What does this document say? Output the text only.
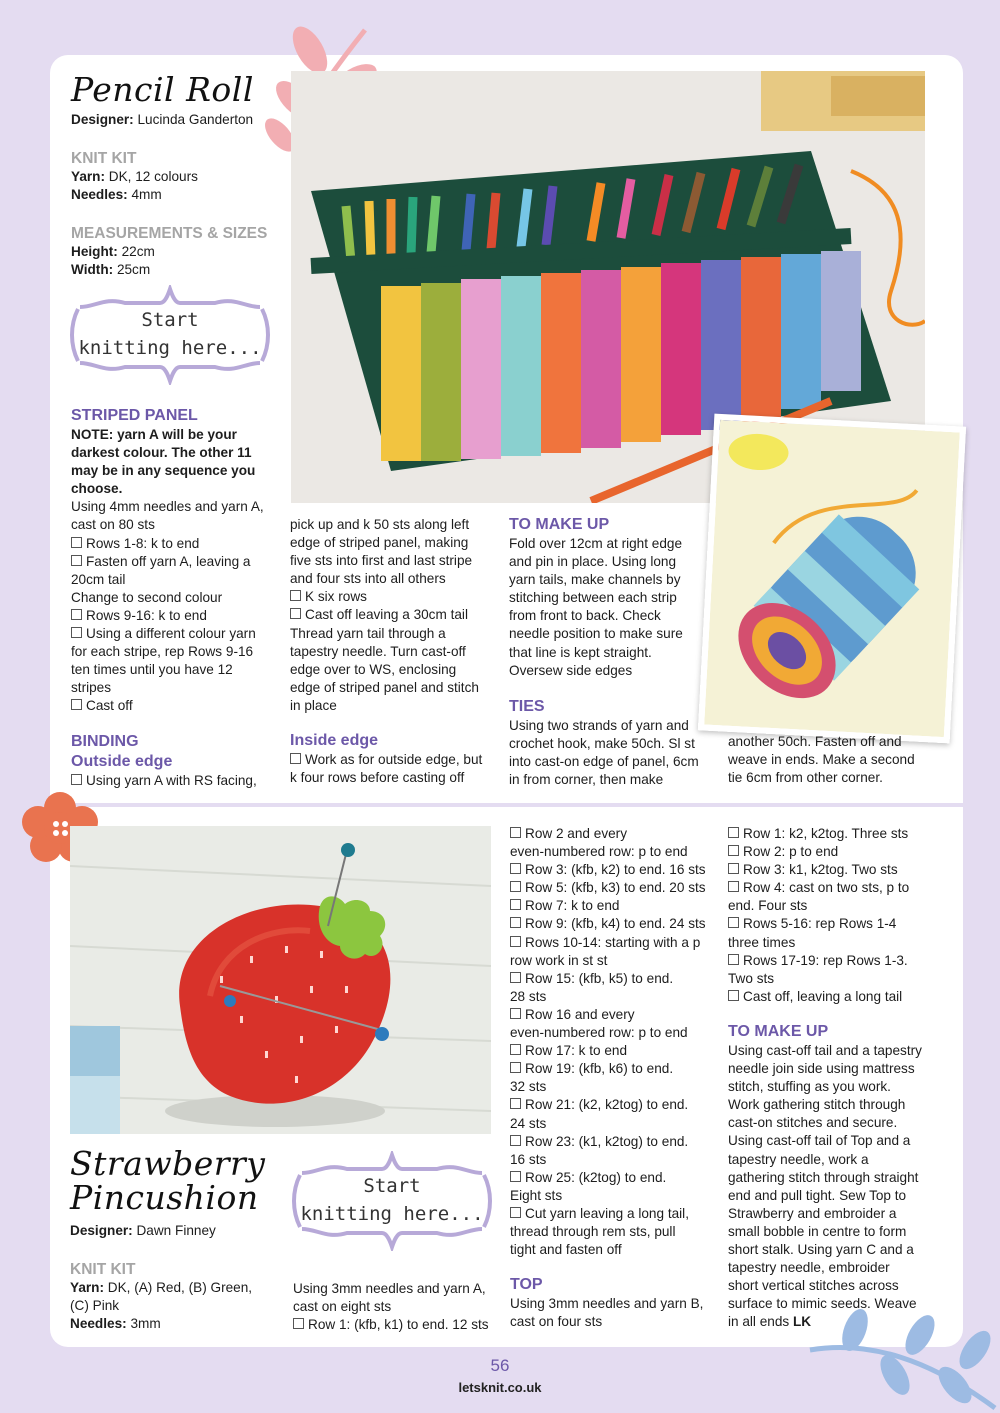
Pencil Roll
Designer: Lucinda Ganderton
KNIT KIT
Yarn: DK, 12 colours
Needles: 4mm
MEASUREMENTS & SIZES
Height: 22cm
Width: 25cm
Start
knitting here...
STRIPED PANEL
NOTE: yarn A will be your
darkest colour. The other 11
may be in any sequence you
choose.
Using 4mm needles and yarn A,
cast on 80 sts
Rows 1-8: k to end
Fasten off yarn A, leaving a
20cm tail
Change to second colour
Rows 9-16: k to end
Using a different colour yarn
for each stripe, rep Rows 9-16
ten times until you have 12
stripes
Cast off
BINDING
Outside edge
Using yarn A with RS facing,
pick up and k 50 sts along left
edge of striped panel, making
five sts into first and last stripe
and four sts into all others
K six rows
Cast off leaving a 30cm tail
Thread yarn tail through a
tapestry needle. Turn cast-off
edge over to WS, enclosing
edge of striped panel and stitch
in place
Inside edge
Work as for outside edge, but
k four rows before casting off
TO MAKE UP
Fold over 12cm at right edge
and pin in place. Using long
yarn tails, make channels by
stitching between each strip
from front to back. Check
needle position to make sure
that line is kept straight.
Oversew side edges
TIES
Using two strands of yarn and
crochet hook, make 50ch. Sl st
into cast-on edge of panel, 6cm
in from corner, then make
another 50ch. Fasten off and
weave in ends. Make a second
tie 6cm from other corner.
Strawberry
Pincushion
Designer: Dawn Finney
KNIT KIT
Yarn: DK, (A) Red, (B) Green,
(C) Pink
Needles: 3mm
Start
knitting here...
Using 3mm needles and yarn A,
cast on eight sts
Row 1: (kfb, k1) to end. 12 sts
Row 2 and every
even-numbered row: p to end
Row 3: (kfb, k2) to end. 16 sts
Row 5: (kfb, k3) to end. 20 sts
Row 7: k to end
Row 9: (kfb, k4) to end. 24 sts
Rows 10-14: starting with a p
row work in st st
Row 15: (kfb, k5) to end.
28 sts
Row 16 and every
even-numbered row: p to end
Row 17: k to end
Row 19: (kfb, k6) to end.
32 sts
Row 21: (k2, k2tog) to end.
24 sts
Row 23: (k1, k2tog) to end.
16 sts
Row 25: (k2tog) to end.
Eight sts
Cut yarn leaving a long tail,
thread through rem sts, pull
tight and fasten off
TOP
Using 3mm needles and yarn B,
cast on four sts
Row 1: k2, k2tog. Three sts
Row 2: p to end
Row 3: k1, k2tog. Two sts
Row 4: cast on two sts, p to
end. Four sts
Rows 5-16: rep Rows 1-4
three times
Rows 17-19: rep Rows 1-3.
Two sts
Cast off, leaving a long tail
TO MAKE UP
Using cast-off tail and a tapestry
needle join side using mattress
stitch, stuffing as you work.
Work gathering stitch through
cast-on stitches and secure.
Using cast-off tail of Top and a
tapestry needle, work a
gathering stitch through straight
end and pull tight. Sew Top to
Strawberry and embroider a
small bobble in centre to form
short stalk. Using yarn C and a
tapestry needle, embroider
short vertical stitches across
surface to mimic seeds. Weave
in all ends LK
56
letsknit.co.uk
